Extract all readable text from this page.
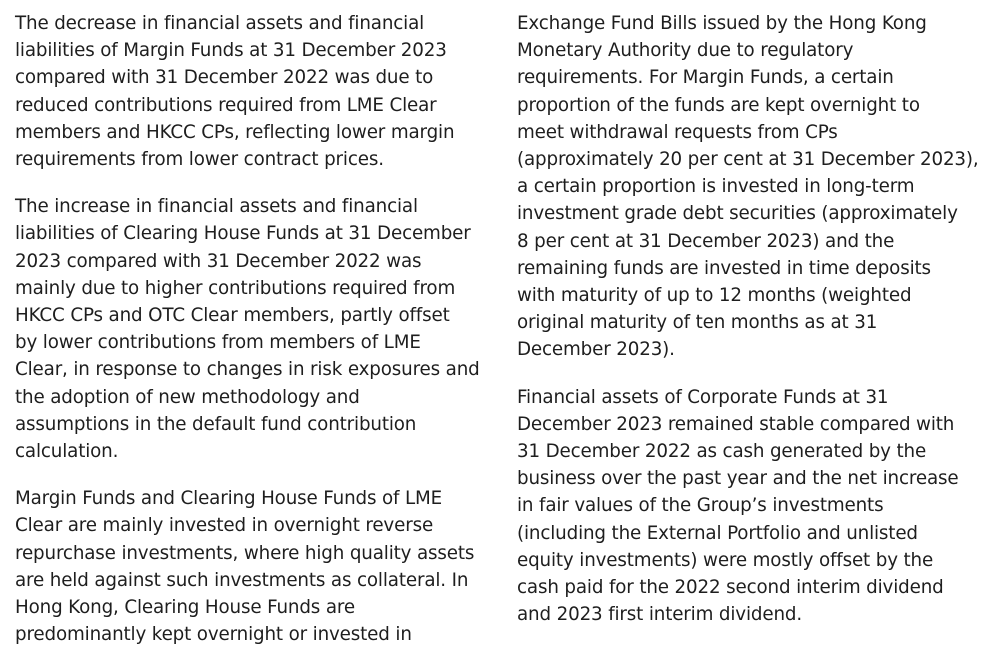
The decrease in financial assets and financial
liabilities of Margin Funds at 31 December 2023
compared with 31 December 2022 was due to
reduced contributions required from LME Clear
members and HKCC CPs, reflecting lower margin
requirements from lower contract prices.

The increase in financial assets and financial
liabilities of Clearing House Funds at 31 December
2023 compared with 31 December 2022 was
mainly due to higher contributions required from
HKCC CPs and OTC Clear members, partly offset
by lower contributions from members of LME
Clear, in response to changes in risk exposures and
the adoption of new methodology and
assumptions in the default fund contribution
calculation.

Margin Funds and Clearing House Funds of LME
Clear are mainly invested in overnight reverse
repurchase investments, where high quality assets
are held against such investments as collateral. In
Hong Kong, Clearing House Funds are
predominantly kept overnight or invested in

Exchange Fund Bills issued by the Hong Kong
Monetary Authority due to regulatory
requirements. For Margin Funds, a certain
proportion of the funds are kept overnight to
meet withdrawal requests from CPs
(approximately 20 per cent at 31 December 2023),
a certain proportion is invested in long-term
investment grade debt securities (approximately
8 per cent at 31 December 2023) and the
remaining funds are invested in time deposits
with maturity of up to 12 months (weighted
original maturity of ten months as at 31
December 2023).

Financial assets of Corporate Funds at 31
December 2023 remained stable compared with
31 December 2022 as cash generated by the
business over the past year and the net increase
in fair values of the Group’s investments
(including the External Portfolio and unlisted
equity investments) were mostly offset by the
cash paid for the 2022 second interim dividend
and 2023 first interim dividend.
